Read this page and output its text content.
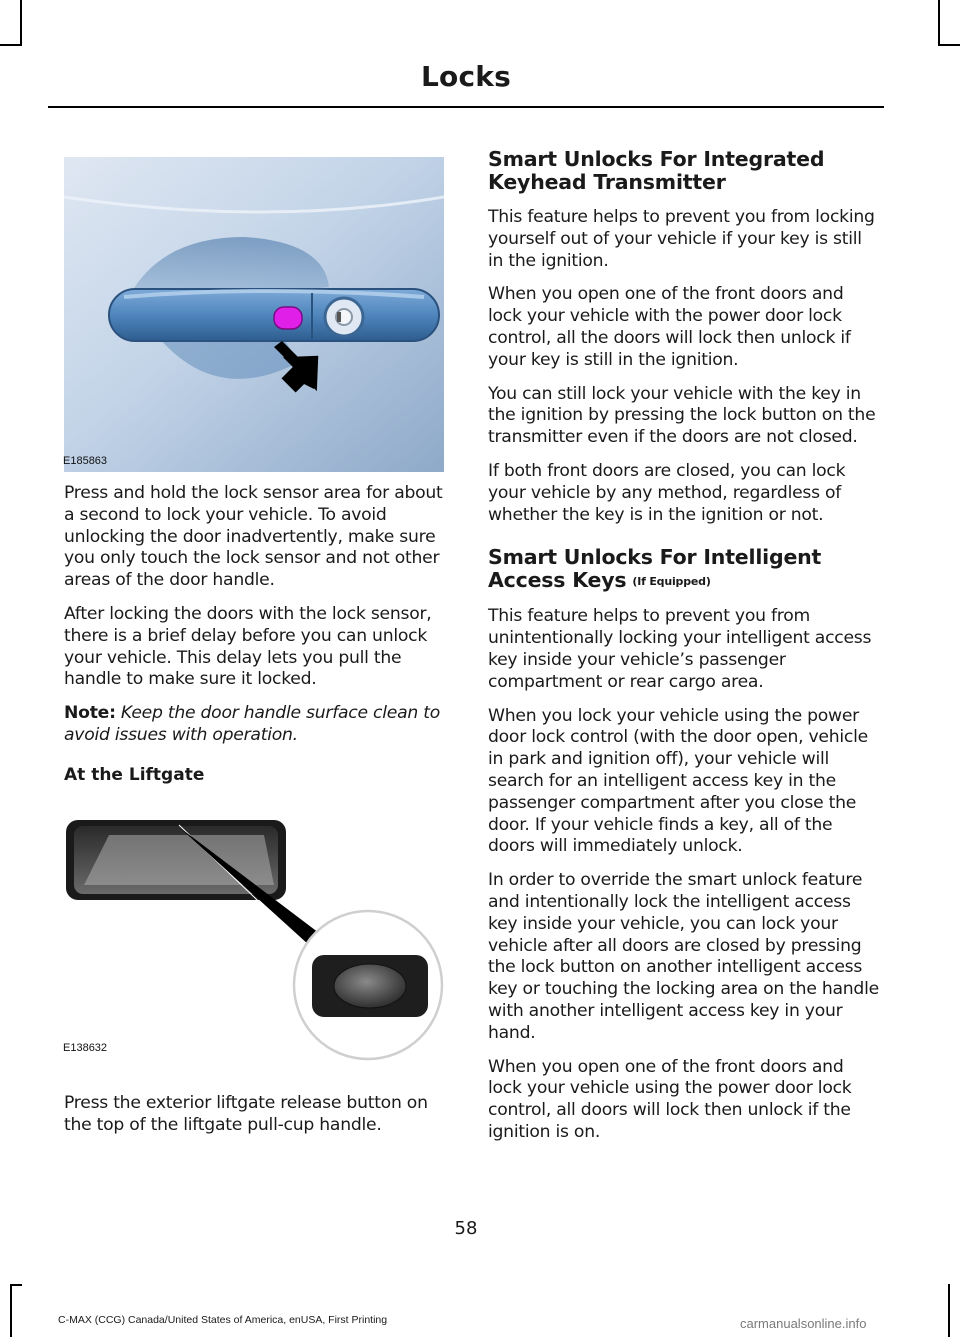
Locks
E185863

Press and hold the lock sensor area for about a second to lock your vehicle. To avoid unlocking the door inadvertently, make sure you only touch the lock sensor and not other areas of the door handle.

After locking the doors with the lock sensor, there is a brief delay before you can unlock your vehicle. This delay lets you pull the handle to make sure it locked.

Note: Keep the door handle surface clean to avoid issues with operation.

At the Liftgate
E138632

Press the exterior liftgate release button on the top of the liftgate pull-cup handle.

Smart Unlocks For Integrated Keyhead Transmitter

This feature helps to prevent you from locking yourself out of your vehicle if your key is still in the ignition.

When you open one of the front doors and lock your vehicle with the power door lock control, all the doors will lock then unlock if your key is still in the ignition.

You can still lock your vehicle with the key in the ignition by pressing the lock button on the transmitter even if the doors are not closed.

If both front doors are closed, you can lock your vehicle by any method, regardless of whether the key is in the ignition or not.

Smart Unlocks For Intelligent Access Keys (If Equipped)

This feature helps to prevent you from unintentionally locking your intelligent access key inside your vehicle’s passenger compartment or rear cargo area.

When you lock your vehicle using the power door lock control (with the door open, vehicle in park and ignition off), your vehicle will search for an intelligent access key in the passenger compartment after you close the door. If your vehicle finds a key, all of the doors will immediately unlock.

In order to override the smart unlock feature and intentionally lock the intelligent access key inside your vehicle, you can lock your vehicle after all doors are closed by pressing the lock button on another intelligent access key or touching the locking area on the handle with another intelligent access key in your hand.

When you open one of the front doors and lock your vehicle using the power door lock control, all doors will lock then unlock if the ignition is on.

58
C-MAX (CCG) Canada/United States of America, enUSA, First Printing	carmanualsonline.info
